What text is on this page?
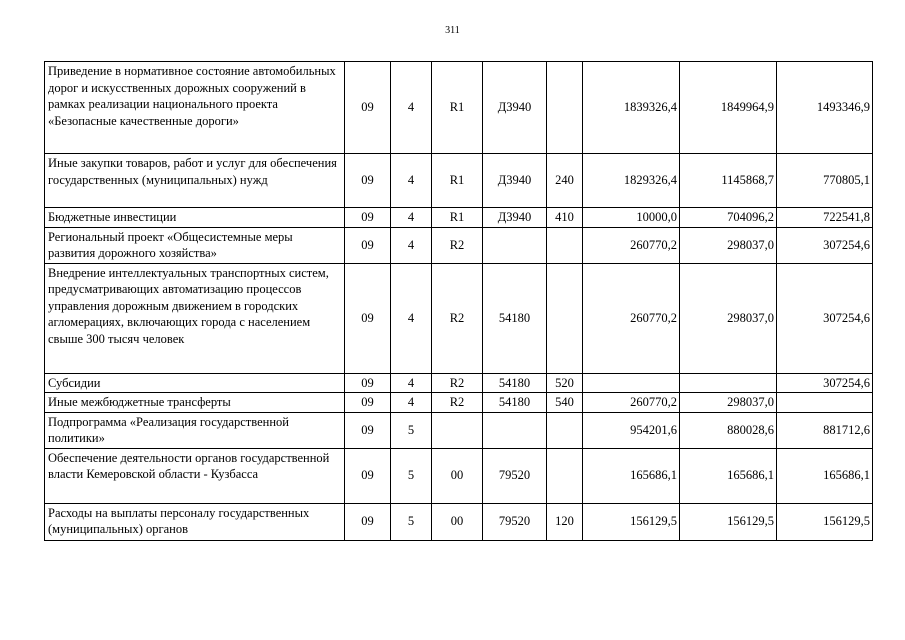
311
Приведение в нормативное состояние автомобильных дорог и искусственных дорожных сооружений в рамках реализации национального проекта «Безопасные качественные дороги»	09	4	R1	Д3940		1839326,4	1849964,9	1493346,9
Иные закупки товаров, работ и услуг для обеспечения государственных (муниципальных) нужд	09	4	R1	Д3940	240	1829326,4	1145868,7	770805,1
Бюджетные инвестиции	09	4	R1	Д3940	410	10000,0	704096,2	722541,8
Региональный проект «Общесистемные меры развития дорожного хозяйства»	09	4	R2			260770,2	298037,0	307254,6
Внедрение интеллектуальных транспортных систем, предусматривающих автоматизацию процессов управления дорожным движением в городских агломерациях, включающих города с населением свыше 300 тысяч человек	09	4	R2	54180		260770,2	298037,0	307254,6
Субсидии	09	4	R2	54180	520			307254,6
Иные межбюджетные трансферты	09	4	R2	54180	540	260770,2	298037,0	
Подпрограмма «Реализация государственной политики»	09	5				954201,6	880028,6	881712,6
Обеспечение деятельности органов государственной власти Кемеровской области - Кузбасса	09	5	00	79520		165686,1	165686,1	165686,1
Расходы на выплаты персоналу государственных (муниципальных) органов	09	5	00	79520	120	156129,5	156129,5	156129,5
